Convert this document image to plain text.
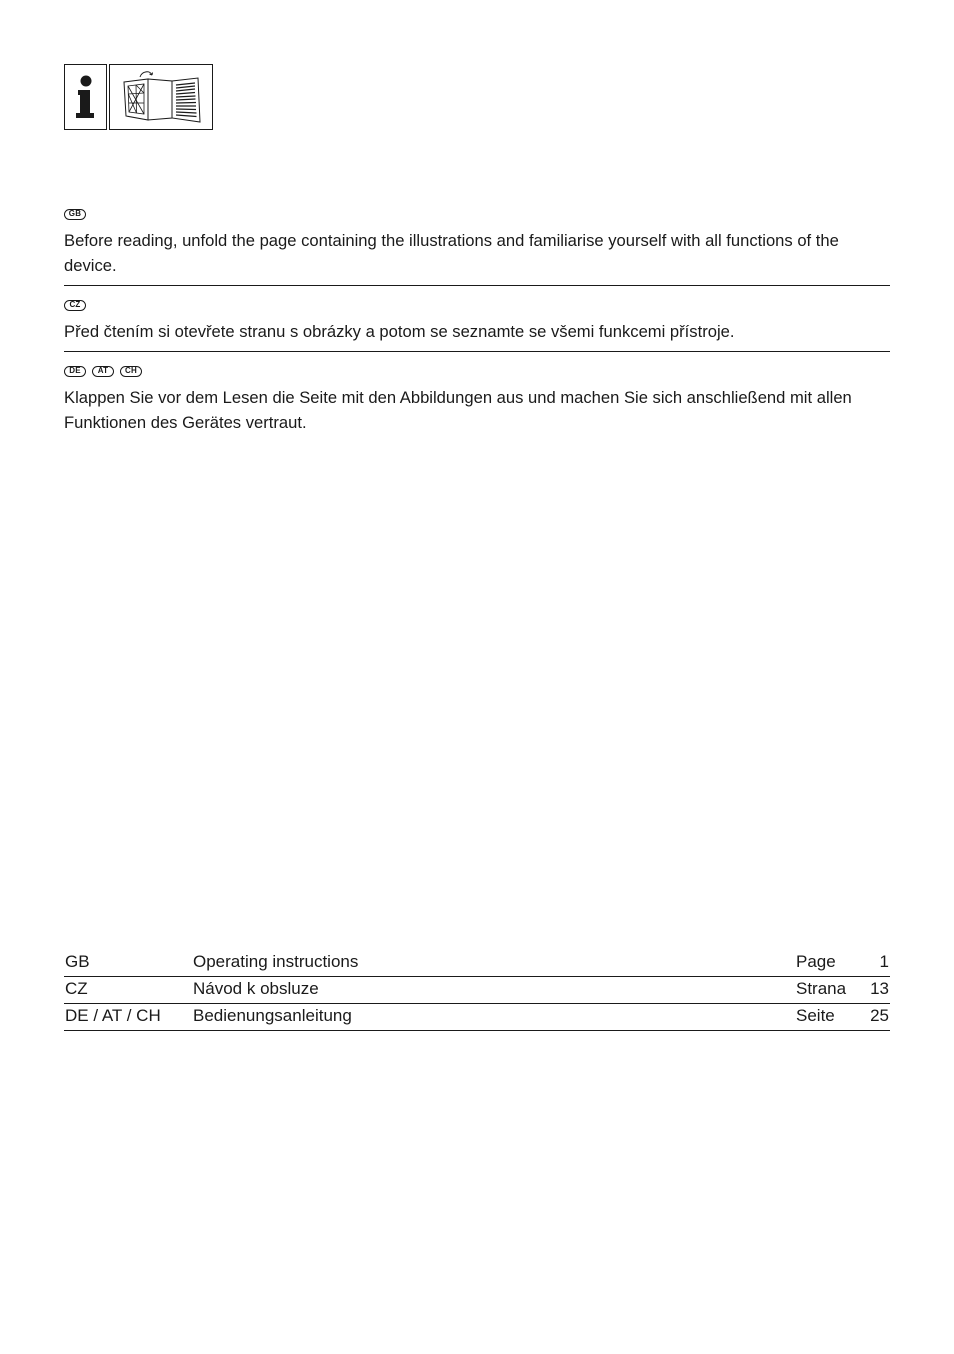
GB

Before reading, unfold the page containing the illustrations and familiarise yourself with all functions of the device.

CZ

Před čtením si otevřete stranu s obrázky a potom se seznamte se všemi funkcemi přístroje.

DE	AT	CH

Klappen Sie vor dem Lesen die Seite mit den Abbildungen aus und machen Sie sich anschließend mit allen Funktionen des Gerätes vertraut.

GB	Operating instructions	Page	1
CZ	Návod k obsluze	Strana 13
DE / AT / CH Bedienungsanleitung	Seite 25
